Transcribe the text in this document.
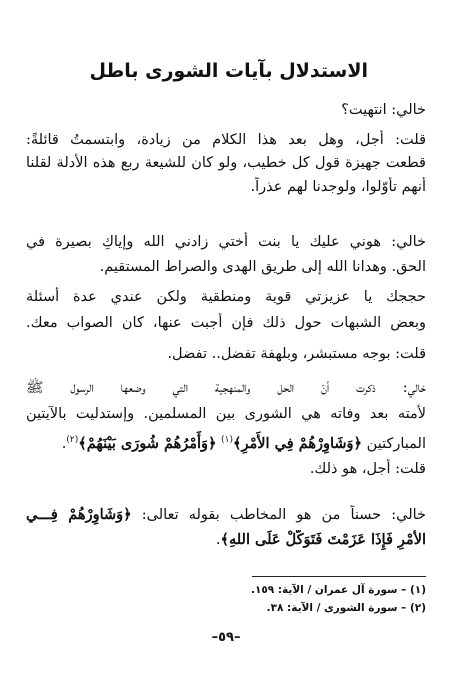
الاستدلال بآيات الشورى باطل
خالي: انتهيت؟
قلت: أجل، وهل بعد هذا الكلام من زيادة، وابتسمتُ قائلةً:
قطعت جهيزة قول كل خطيب، ولو كان للشيعة ربع هذه الأدلة لقلنا
أنهم تأوّلوا، ولوجدنا لهم عذراً.
خالي: هوني عليك يا بنت أختي زادني الله وإياكِ بصيرة في
الحق. وهدانا الله إلى طريق الهدى والصراط المستقيم.
حججك يا عزيزتي قوية ومنطقية ولكن عندي عدة أسئلة
وبعض الشبهات حول ذلك فإن أجبت عنها، كان الصواب معك.
قلت: بوجه مستبشر، وبلهفة تفضل.. تفضل.
خالي: ذكرت أنّ الحل والمنهجية التي وضعها الرسول ﷺ
لأمته بعد وفاته هي الشورى بين المسلمين. وإستدليت بالآيتين
المباركتين ﴿وَشَاوِرْهُمْ فِي الأَمْرِ﴾$^{(١)}$ ﴿وَأَمْرُهُمْ شُورَى بَيْنَهُمْ﴾$^{(٢)}$.
قلت: أجل، هو ذلك.
خالي: حسناً من هو المخاطب بقوله تعالى: ﴿وَشَاوِرْهُمْ فِـــي
الأَمْرِ فَإِذَا عَزَمْتَ فَتَوَكَّلْ عَلَى اللهِ﴾.
(١) – سورة آل عمران / الآية: ١٥٩.
(٢) – سورة الشورى / الآية: ٣٨.
–٥٩–
